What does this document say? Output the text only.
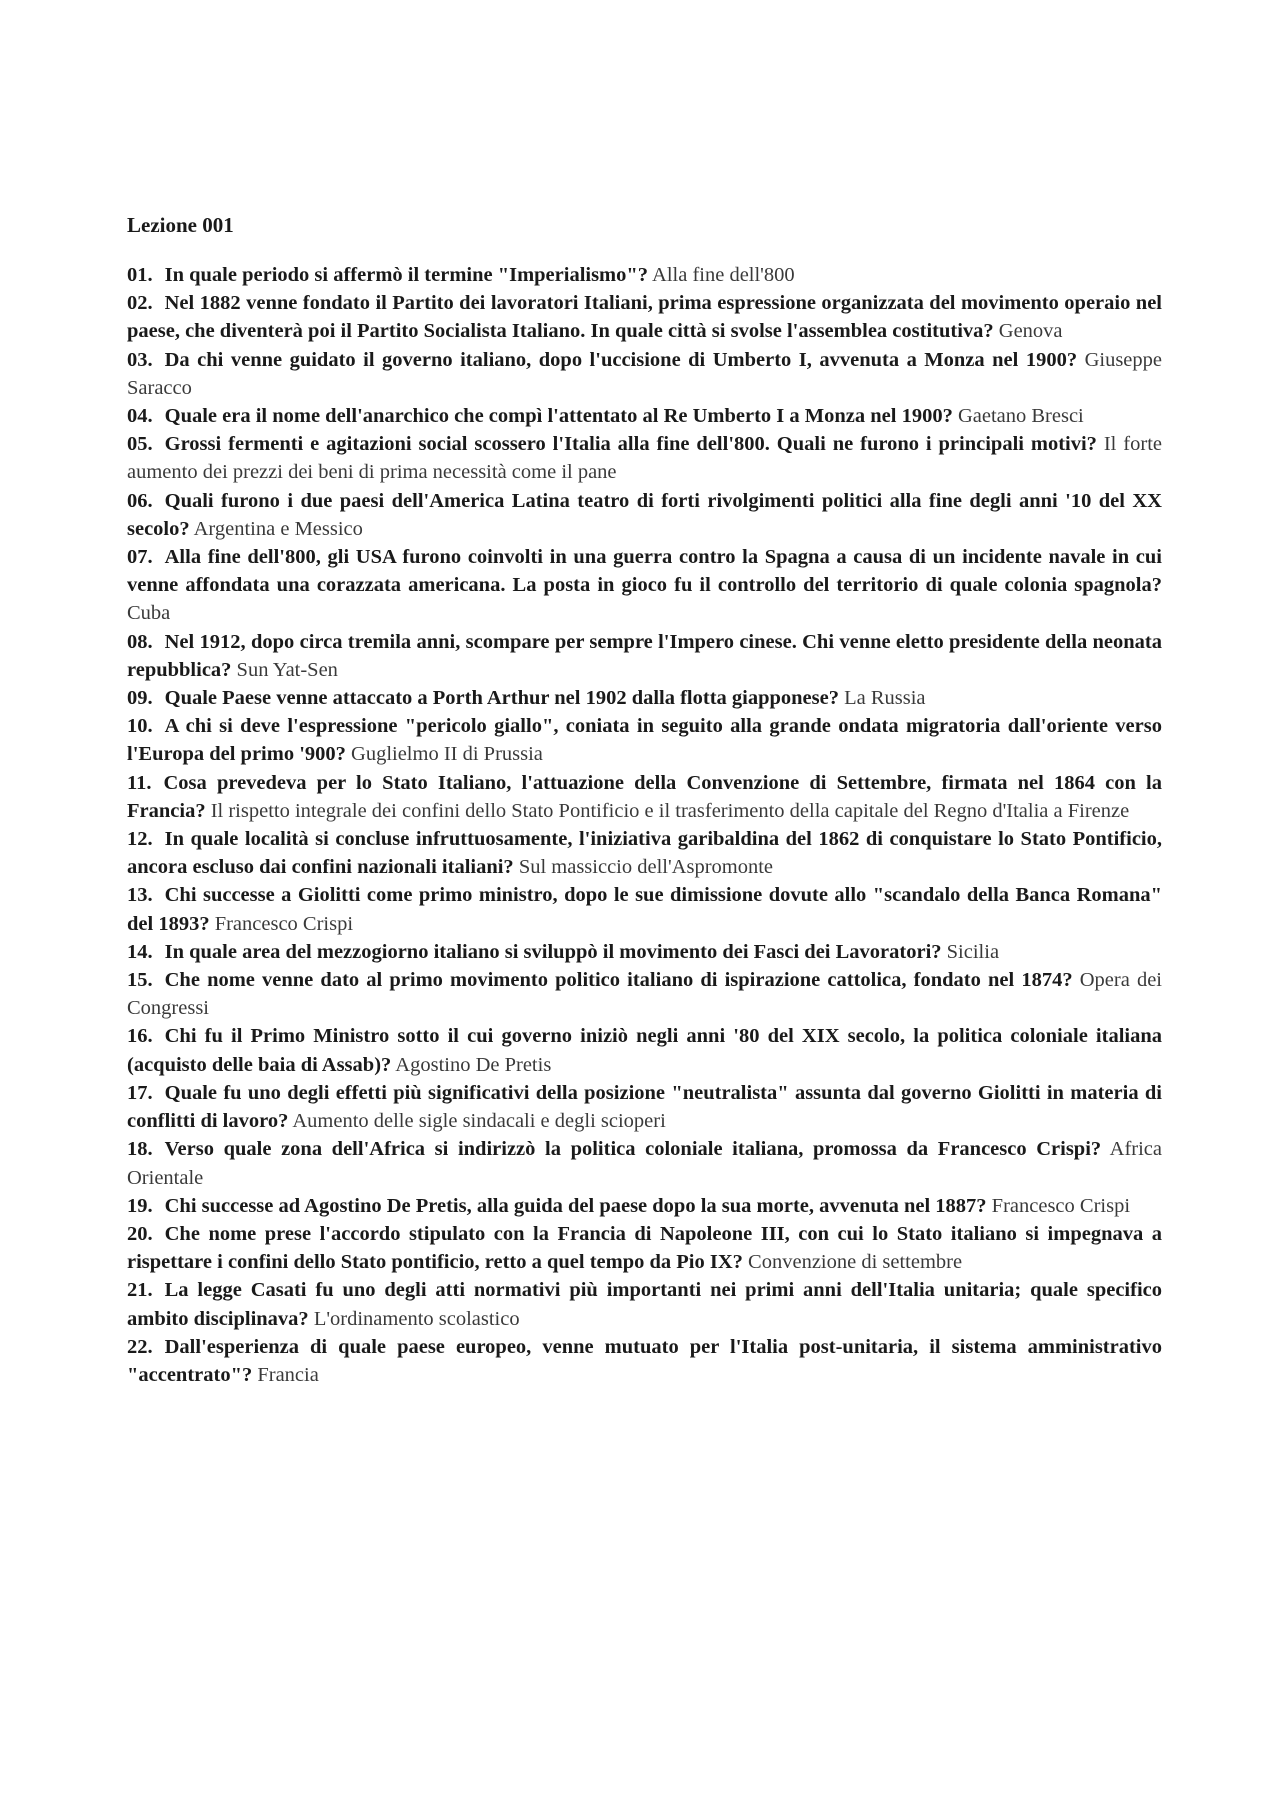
Lezione 001
01. In quale periodo si affermò il termine "Imperialismo"? Alla fine dell'800
02. Nel 1882 venne fondato il Partito dei lavoratori Italiani, prima espressione organizzata del movimento operaio nel paese, che diventerà poi il Partito Socialista Italiano. In quale città si svolse l'assemblea costitutiva? Genova
03. Da chi venne guidato il governo italiano, dopo l'uccisione di Umberto I, avvenuta a Monza nel 1900? Giuseppe Saracco
04. Quale era il nome dell'anarchico che compì l'attentato al Re Umberto I a Monza nel 1900? Gaetano Bresci
05. Grossi fermenti e agitazioni social scossero l'Italia alla fine dell'800. Quali ne furono i principali motivi? Il forte aumento dei prezzi dei beni di prima necessità come il pane
06. Quali furono i due paesi dell'America Latina teatro di forti rivolgimenti politici alla fine degli anni '10 del XX secolo? Argentina e Messico
07. Alla fine dell'800, gli USA furono coinvolti in una guerra contro la Spagna a causa di un incidente navale in cui venne affondata una corazzata americana. La posta in gioco fu il controllo del territorio di quale colonia spagnola? Cuba
08. Nel 1912, dopo circa tremila anni, scompare per sempre l'Impero cinese. Chi venne eletto presidente della neonata repubblica? Sun Yat-Sen
09. Quale Paese venne attaccato a Porth Arthur nel 1902 dalla flotta giapponese? La Russia
10. A chi si deve l'espressione "pericolo giallo", coniata in seguito alla grande ondata migratoria dall'oriente verso l'Europa del primo '900? Guglielmo II di Prussia
11. Cosa prevedeva per lo Stato Italiano, l'attuazione della Convenzione di Settembre, firmata nel 1864 con la Francia? Il rispetto integrale dei confini dello Stato Pontificio e il trasferimento della capitale del Regno d'Italia a Firenze
12. In quale località si concluse infruttuosamente, l'iniziativa garibaldina del 1862 di conquistare lo Stato Pontificio, ancora escluso dai confini nazionali italiani? Sul massiccio dell'Aspromonte
13. Chi successe a Giolitti come primo ministro, dopo le sue dimissione dovute allo "scandalo della Banca Romana" del 1893? Francesco Crispi
14. In quale area del mezzogiorno italiano si sviluppò il movimento dei Fasci dei Lavoratori? Sicilia
15. Che nome venne dato al primo movimento politico italiano di ispirazione cattolica, fondato nel 1874? Opera dei Congressi
16. Chi fu il Primo Ministro sotto il cui governo iniziò negli anni '80 del XIX secolo, la politica coloniale italiana (acquisto delle baia di Assab)? Agostino De Pretis
17. Quale fu uno degli effetti più significativi della posizione "neutralista" assunta dal governo Giolitti in materia di conflitti di lavoro? Aumento delle sigle sindacali e degli scioperi
18. Verso quale zona dell'Africa si indirizzò la politica coloniale italiana, promossa da Francesco Crispi? Africa Orientale
19. Chi successe ad Agostino De Pretis, alla guida del paese dopo la sua morte, avvenuta nel 1887? Francesco Crispi
20. Che nome prese l'accordo stipulato con la Francia di Napoleone III, con cui lo Stato italiano si impegnava a rispettare i confini dello Stato pontificio, retto a quel tempo da Pio IX? Convenzione di settembre
21. La legge Casati fu uno degli atti normativi più importanti nei primi anni dell'Italia unitaria; quale specifico ambito disciplinava? L'ordinamento scolastico
22. Dall'esperienza di quale paese europeo, venne mutuato per l'Italia post-unitaria, il sistema amministrativo "accentrato"? Francia
